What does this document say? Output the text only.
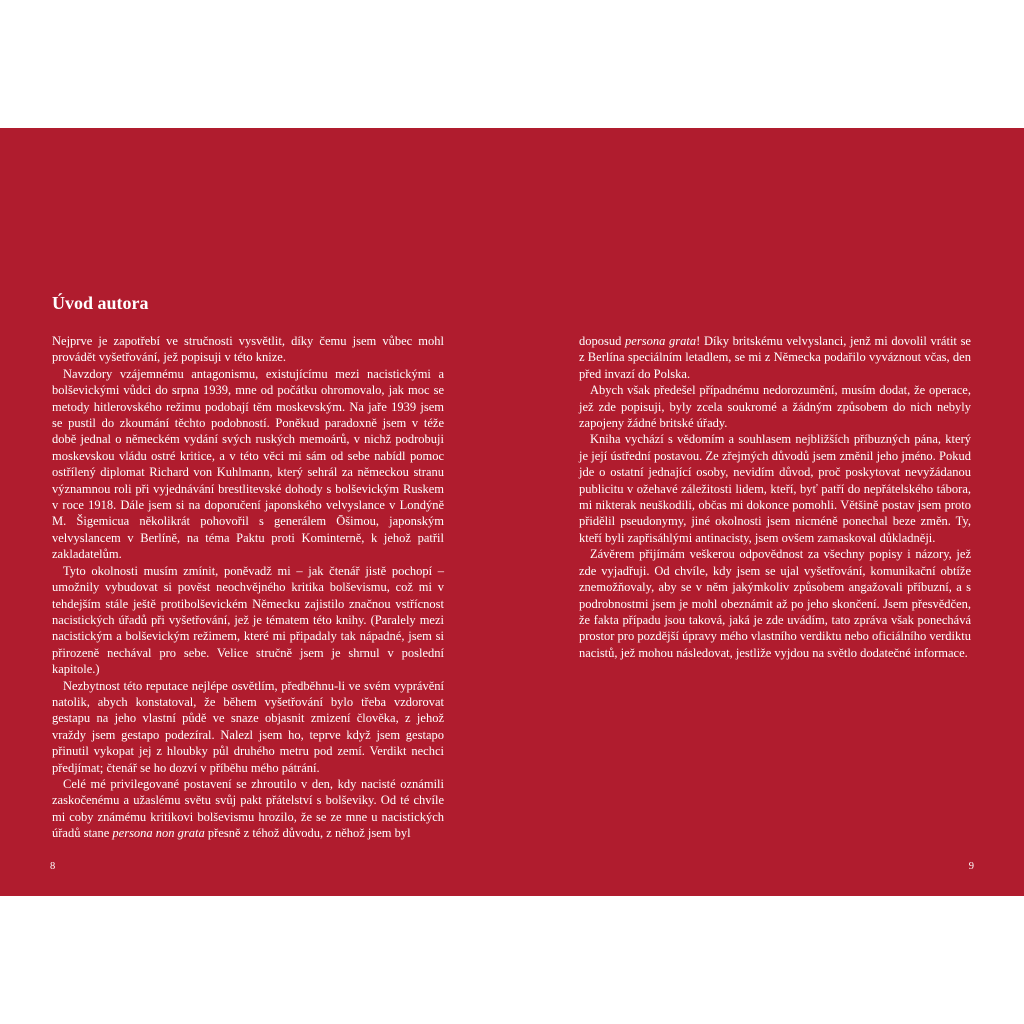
Úvod autora

Nejprve je zapotřebí ve stručnosti vysvětlit, díky čemu jsem vůbec mohl provádět vyšetřování, jež popisuji v této knize.

Navzdory vzájemnému antagonismu, existujícímu mezi nacistickými a bolševickými vůdci do srpna 1939, mne od počátku ohromovalo, jak moc se metody hitlerovského režimu podobají těm moskevským. Na jaře 1939 jsem se pustil do zkoumání těchto podobností. Poněkud paradoxně jsem v téže době jednal o německém vydání svých ruských memoárů, v nichž podrobuji moskevskou vládu ostré kritice, a v této věci mi sám od sebe nabídl pomoc ostřílený diplomat Richard von Kuhlmann, který sehrál za německou stranu významnou roli při vyjednávání brestlitevské dohody s bolševickým Ruskem v roce 1918. Dále jsem si na doporučení japonského velvyslance v Londýně M. Šigemicua několikrát pohovořil s generálem Ōšimou, japonským velvyslancem v Berlíně, na téma Paktu proti Kominterně, k jehož patřil zakladatelům.

Tyto okolnosti musím zmínit, poněvadž mi – jak čtenář jistě pochopí – umožnily vybudovat si pověst neochvějného kritika bolševismu, což mi v tehdejším stále ještě protibolševickém Německu zajistilo značnou vstřícnost nacistických úřadů při vyšetřování, jež je tématem této knihy. (Paralely mezi nacistickým a bolševickým režimem, které mi připadaly tak nápadné, jsem si přirozeně nechával pro sebe. Velice stručně jsem je shrnul v poslední kapitole.)

Nezbytnost této reputace nejlépe osvětlím, předběhnu-li ve svém vyprávění natolik, abych konstatoval, že během vyšetřování bylo třeba vzdorovat gestapu na jeho vlastní půdě ve snaze objasnit zmizení člověka, z jehož vraždy jsem gestapo podezíral. Nalezl jsem ho, teprve když jsem gestapo přinutil vykopat jej z hloubky půl druhého metru pod zemí. Verdikt nechci předjímat; čtenář se ho dozví v příběhu mého pátrání.

Celé mé privilegované postavení se zhroutilo v den, kdy nacisté oznámili zaskočenému a užaslému světu svůj pakt přátelství s bolševiky. Od té chvíle mi coby známému kritikovi bolševismu hrozilo, že se ze mne u nacistických úřadů stane persona non grata přesně z téhož důvodu, z něhož jsem byl

8

doposud persona grata! Díky britskému velvyslanci, jenž mi dovolil vrátit se z Berlína speciálním letadlem, se mi z Německa podařilo vyváznout včas, den před invazí do Polska.

Abych však předešel případnému nedorozumění, musím dodat, že operace, jež zde popisuji, byly zcela soukromé a žádným způsobem do nich nebyly zapojeny žádné britské úřady.

Kniha vychází s vědomím a souhlasem nejbližších příbuzných pána, který je její ústřední postavou. Ze zřejmých důvodů jsem změnil jeho jméno. Pokud jde o ostatní jednající osoby, nevidím důvod, proč poskytovat nevyžádanou publicitu v ožehavé záležitosti lidem, kteří, byť patří do nepřátelského tábora, mi nikterak neuškodili, občas mi dokonce pomohli. Většině postav jsem proto přidělil pseudonymy, jiné okolnosti jsem nicméně ponechal beze změn. Ty, kteří byli zapřisáhlými antinacisty, jsem ovšem zamaskoval důkladněji.

Závěrem přijímám veškerou odpovědnost za všechny popisy i názory, jež zde vyjadřuji. Od chvíle, kdy jsem se ujal vyšetřování, komunikační obtíže znemožňovaly, aby se v něm jakýmkoliv způsobem angažovali příbuzní, a s podrobnostmi jsem je mohl obeznámit až po jeho skončení. Jsem přesvědčen, že fakta případu jsou taková, jaká je zde uvádím, tato zpráva však ponechává prostor pro pozdější úpravy mého vlastního verdiktu nebo oficiálního verdiktu nacistů, jež mohou následovat, jestliže vyjdou na světlo dodatečné informace.

9
